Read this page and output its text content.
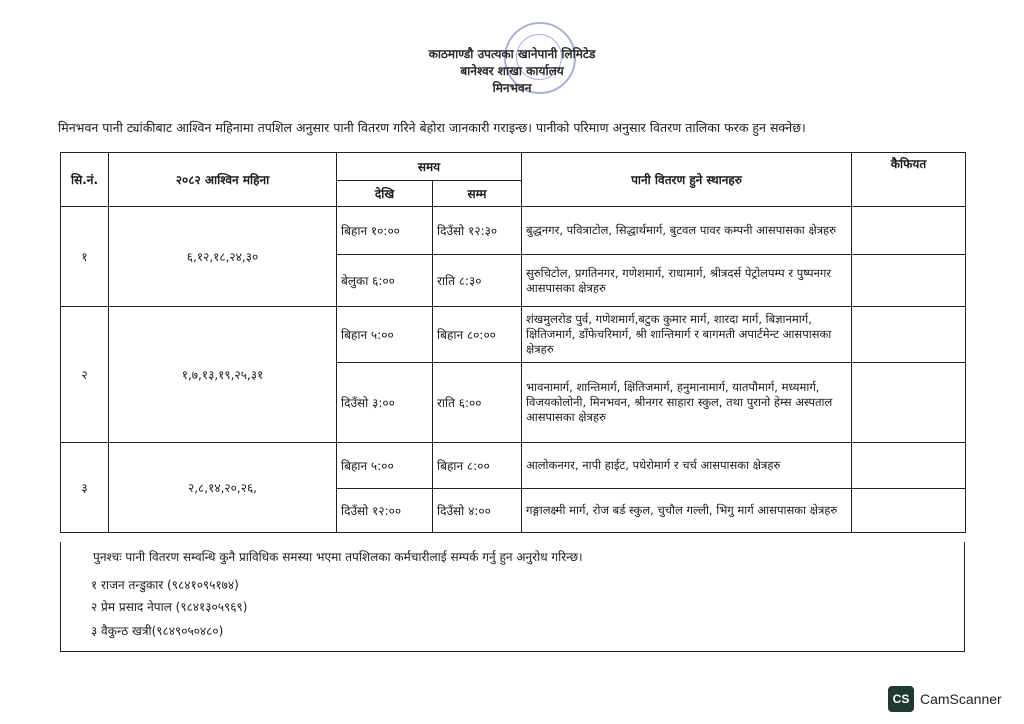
काठमाण्डौ उपत्यका खानेपानी लिमिटेड
बानेश्वर शाखा कार्यालय
मिनभवन
मिनभवन पानी ट्यांकीबाट आश्विन महिनामा तपशिल अनुसार पानी वितरण गरिने बेहोरा जानकारी गराइन्छ। पानीको परिमाण अनुसार वितरण तालिका फरक हुन सक्नेछ।
सि.नं.	२०८२ आश्विन महिना	समय		पानी वितरण हुने स्थानहरु	कैफियत
		देखि	सम्म		
१	६,१२,१८,२४,३०	बिहान १०:००	दिउँसो १२:३०	बुद्धनगर, पवित्राटोल, सिद्धार्थमार्ग, बुटवल पावर कम्पनी आसपासका क्षेत्रहरु	
		बेलुका ६:००	राति ८:३०	सुरुचिटोल, प्रगतिनगर, गणेशमार्ग, राधामार्ग, श्रीत्रदर्स पेट्रोलपम्प र पुष्पनगर आसपासका क्षेत्रहरु	
२	१,७,१३,१९,२५,३१	बिहान ५:००	बिहान ८०:००	शंखमुलरोड पुर्व, गणेशमार्ग,बटुक कुमार मार्ग, शारदा मार्ग, बिज्ञानमार्ग, क्षितिजमार्ग, डाँफेचरिमार्ग, श्री शान्तिमार्ग र बागमती अपार्टमेन्ट आसपासका क्षेत्रहरु	
		दिउँसो ३:००	राति ६:००	भावनामार्ग, शान्तिमार्ग, क्षितिजमार्ग, हनुमानामार्ग, यातपौमार्ग, मध्यमार्ग, विजयकोलोनी, मिनभवन, श्रीनगर साहारा स्कुल, तथा पुरानो हेम्स अस्पताल आसपासका क्षेत्रहरु	
३	२,८,१४,२०,२६,	बिहान ५:००	बिहान ८:००	आलोकनगर, नापी हाईट, पधेरोमार्ग र चर्च आसपासका क्षेत्रहरु	
		दिउँसो १२:००	दिउँसो ४:००	गङ्गालक्ष्मी मार्ग, रोज बर्ड स्कुल, चुचौल गल्ली, भिगु मार्ग आसपासका क्षेत्रहरु	
पुनश्चः पानी वितरण सम्वन्धि कुनै प्राविधिक समस्या भएमा तपशिलका कर्मचारीलाई सम्पर्क गर्नु हुन अनुरोध गरिन्छ।
१ राजन तन्डुकार (९८४१०९५१७४)
२ प्रेम प्रसाद नेपाल (९८४१३०५९६९)
३ वैकुन्ठ खत्री(९८४९०५०४८०)
CS CamScanner
